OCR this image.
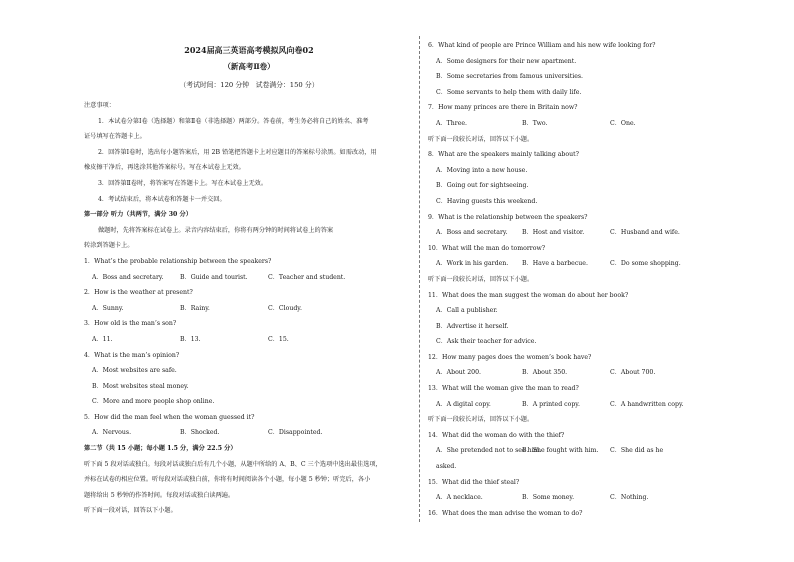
2024届高三英语高考模拟风向卷02
（新高考Ⅱ卷）
（考试时间：120 分钟　试卷满分：150 分）
注意事项：
1．本试卷分第Ⅰ卷（选择题）和第Ⅱ卷（非选择题）两部分。答卷前，考生务必将自己的姓名、准考
证号填写在答题卡上。
2．回答第Ⅰ卷时，选出每小题答案后，用 2B 铅笔把答题卡上对应题目的答案标号涂黑。如需改动，用
橡皮擦干净后，再选涂其他答案标号。写在本试卷上无效。
3．回答第Ⅱ卷时，将答案写在答题卡上。写在本试卷上无效。
4．考试结束后，将本试卷和答题卡一并交回。
第一部分 听力（共两节，满分 30 分）
做题时，先将答案标在试卷上。录音内容结束后，你将有两分钟的时间将试卷上的答案
转涂到答题卡上。
1．What’s the probable relationship between the speakers?
A．Boss and secretary.	B．Guide and tourist.	C．Teacher and student.
2．How is the weather at present?
A．Sunny.	B．Rainy.	C．Cloudy.
3．How old is the man’s son?
A．11.	B．13.	C．15.
4．What is the man’s opinion?
A．Most websites are safe.
B．Most websites steal money.
C．More and more people shop online.
5．How did the man feel when the woman guessed it?
A．Nervous.	B．Shocked.	C．Disappointed.
第二节（共 15 小题；每小题 1.5 分，满分 22.5 分）
听下面 5 段对话或独白。每段对话或独白后有几个小题，从题中所给的 A、B、C 三个选项中选出最佳选项，
并标在试卷的相应位置。听每段对话或独白前，你将有时间阅读各个小题，每小题 5 秒钟；听完后，各小
题将给出 5 秒钟的作答时间。每段对话或独白读两遍。
听下面一段对话，回答以下小题。
6．What kind of people are Prince William and his new wife looking for?
A．Some designers for their new apartment.
B．Some secretaries from famous universities.
C．Some servants to help them with daily life.
7．How many princes are there in Britain now?
A．Three.	B．Two.	C．One.
听下面一段较长对话，回答以下小题。
8．What are the speakers mainly talking about?
A．Moving into a new house.
B．Going out for sightseeing.
C．Having guests this weekend.
9．What is the relationship between the speakers?
A．Boss and secretary.	B．Host and visitor.	C．Husband and wife.
10．What will the man do tomorrow?
A．Work in his garden.	B．Have a barbecue.	C．Do some shopping.
听下面一段较长对话，回答以下小题。
11．What does the man suggest the woman do about her book?
A．Call a publisher.
B．Advertise it herself.
C．Ask their teacher for advice.
12．How many pages does the women’s book have?
A．About 200.	B．About 350.	C．About 700.
13．What will the woman give the man to read?
A．A digital copy.	B．A printed copy.	C．A handwritten copy.
听下面一段较长对话，回答以下小题。
14．What did the woman do with the thief?
A．She pretended not to see him.
B．She fought with him.	C．She did as he
asked.
15．What did the thief steal?
A．A necklace.	B．Some money.	C．Nothing.
16．What does the man advise the woman to do?
